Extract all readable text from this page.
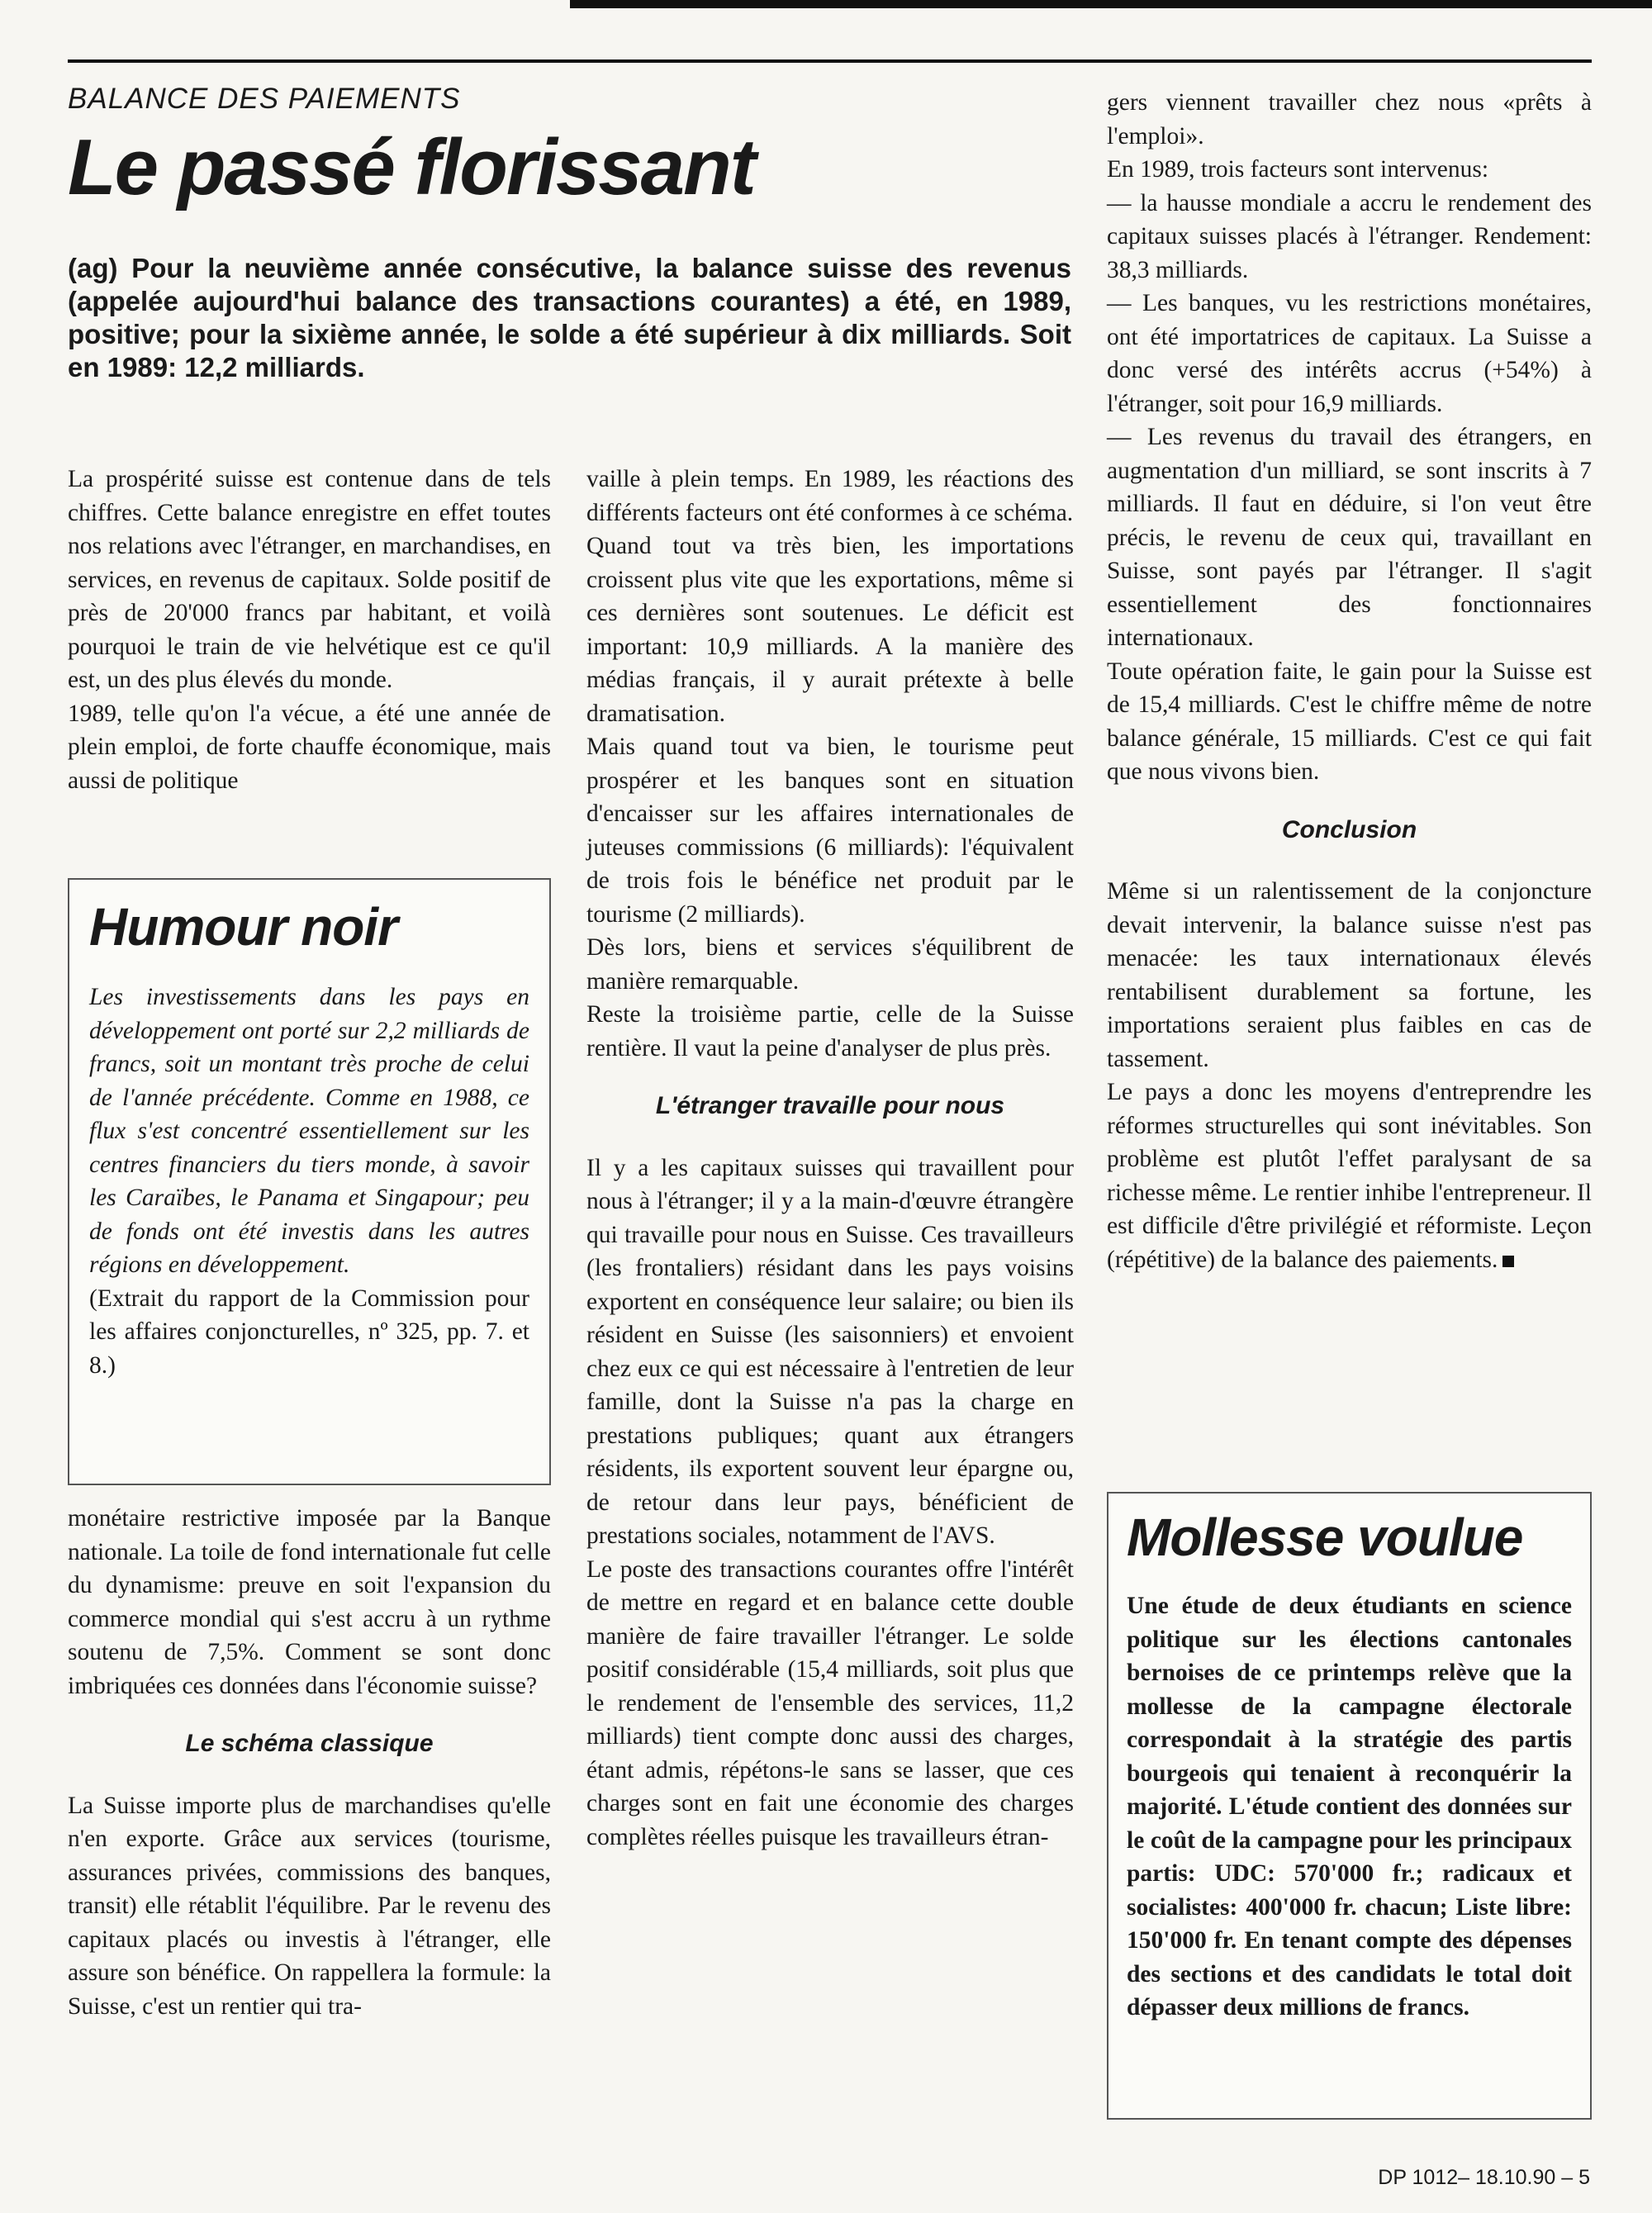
BALANCE DES PAIEMENTS
Le passé florissant

(ag) Pour la neuvième année consécutive, la balance suisse des revenus (appelée aujourd'hui balance des transactions courantes) a été, en 1989, positive; pour la sixième année, le solde a été supérieur à dix milliards. Soit en 1989: 12,2 milliards.

La prospérité suisse est contenue dans de tels chiffres. Cette balance enregistre en effet toutes nos relations avec l'étranger, en marchandises, en services, en revenus de capitaux. Solde positif de près de 20'000 francs par habitant, et voilà pourquoi le train de vie helvétique est ce qu'il est, un des plus élevés du monde.

1989, telle qu'on l'a vécue, a été une année de plein emploi, de forte chauffe économique, mais aussi de politique

Humour noir

Les investissements dans les pays en développement ont porté sur 2,2 milliards de francs, soit un montant très proche de celui de l'année précédente. Comme en 1988, ce flux s'est concentré essentiellement sur les centres financiers du tiers monde, à savoir les Caraïbes, le Panama et Singapour; peu de fonds ont été investis dans les autres régions en développement.

(Extrait du rapport de la Commission pour les affaires conjoncturelles, nº 325, pp. 7. et 8.)

monétaire restrictive imposée par la Banque nationale. La toile de fond internationale fut celle du dynamisme: preuve en soit l'expansion du commerce mondial qui s'est accru à un rythme soutenu de 7,5%. Comment se sont donc imbriquées ces données dans l'économie suisse?

Le schéma classique

La Suisse importe plus de marchandises qu'elle n'en exporte. Grâce aux services (tourisme, assurances privées, commissions des banques, transit) elle rétablit l'équilibre. Par le revenu des capitaux placés ou investis à l'étranger, elle assure son bénéfice. On rappellera la formule: la Suisse, c'est un rentier qui tra-

vaille à plein temps. En 1989, les réactions des différents facteurs ont été conformes à ce schéma.

Quand tout va très bien, les importations croissent plus vite que les exportations, même si ces dernières sont soutenues. Le déficit est important: 10,9 milliards. A la manière des médias français, il y aurait prétexte à belle dramatisation.

Mais quand tout va bien, le tourisme peut prospérer et les banques sont en situation d'encaisser sur les affaires internationales de juteuses commissions (6 milliards): l'équivalent de trois fois le bénéfice net produit par le tourisme (2 milliards).

Dès lors, biens et services s'équilibrent de manière remarquable.

Reste la troisième partie, celle de la Suisse rentière. Il vaut la peine d'analyser de plus près.

L'étranger travaille pour nous

Il y a les capitaux suisses qui travaillent pour nous à l'étranger; il y a la main-d'œuvre étrangère qui travaille pour nous en Suisse. Ces travailleurs (les frontaliers) résidant dans les pays voisins exportent en conséquence leur salaire; ou bien ils résident en Suisse (les saisonniers) et envoient chez eux ce qui est nécessaire à l'entretien de leur famille, dont la Suisse n'a pas la charge en prestations publiques; quant aux étrangers résidents, ils exportent souvent leur épargne ou, de retour dans leur pays, bénéficient de prestations sociales, notamment de l'AVS.

Le poste des transactions courantes offre l'intérêt de mettre en regard et en balance cette double manière de faire travailler l'étranger. Le solde positif considérable (15,4 milliards, soit plus que le rendement de l'ensemble des services, 11,2 milliards) tient compte donc aussi des charges, étant admis, répétons-le sans se lasser, que ces charges sont en fait une économie des charges complètes réelles puisque les travailleurs étran-

gers viennent travailler chez nous «prêts à l'emploi».

En 1989, trois facteurs sont intervenus:

— la hausse mondiale a accru le rendement des capitaux suisses placés à l'étranger. Rendement: 38,3 milliards.

— Les banques, vu les restrictions monétaires, ont été importatrices de capitaux. La Suisse a donc versé des intérêts accrus (+54%) à l'étranger, soit pour 16,9 milliards.

— Les revenus du travail des étrangers, en augmentation d'un milliard, se sont inscrits à 7 milliards. Il faut en déduire, si l'on veut être précis, le revenu de ceux qui, travaillant en Suisse, sont payés par l'étranger. Il s'agit essentiellement des fonctionnaires internationaux.

Toute opération faite, le gain pour la Suisse est de 15,4 milliards. C'est le chiffre même de notre balance générale, 15 milliards. C'est ce qui fait que nous vivons bien.

Conclusion

Même si un ralentissement de la conjoncture devait intervenir, la balance suisse n'est pas menacée: les taux internationaux élevés rentabilisent durablement sa fortune, les importations seraient plus faibles en cas de tassement.

Le pays a donc les moyens d'entreprendre les réformes structurelles qui sont inévitables. Son problème est plutôt l'effet paralysant de sa richesse même. Le rentier inhibe l'entrepreneur. Il est difficile d'être privilégié et réformiste. Leçon (répétitive) de la balance des paiements.

Mollesse voulue

Une étude de deux étudiants en science politique sur les élections cantonales bernoises de ce printemps relève que la mollesse de la campagne électorale correspondait à la stratégie des partis bourgeois qui tenaient à reconquérir la majorité. L'étude contient des données sur le coût de la campagne pour les principaux partis: UDC: 570'000 fr.; radicaux et socialistes: 400'000 fr. chacun; Liste libre: 150'000 fr. En tenant compte des dépenses des sections et des candidats le total doit dépasser deux millions de francs.

DP 1012– 18.10.90 – 5
